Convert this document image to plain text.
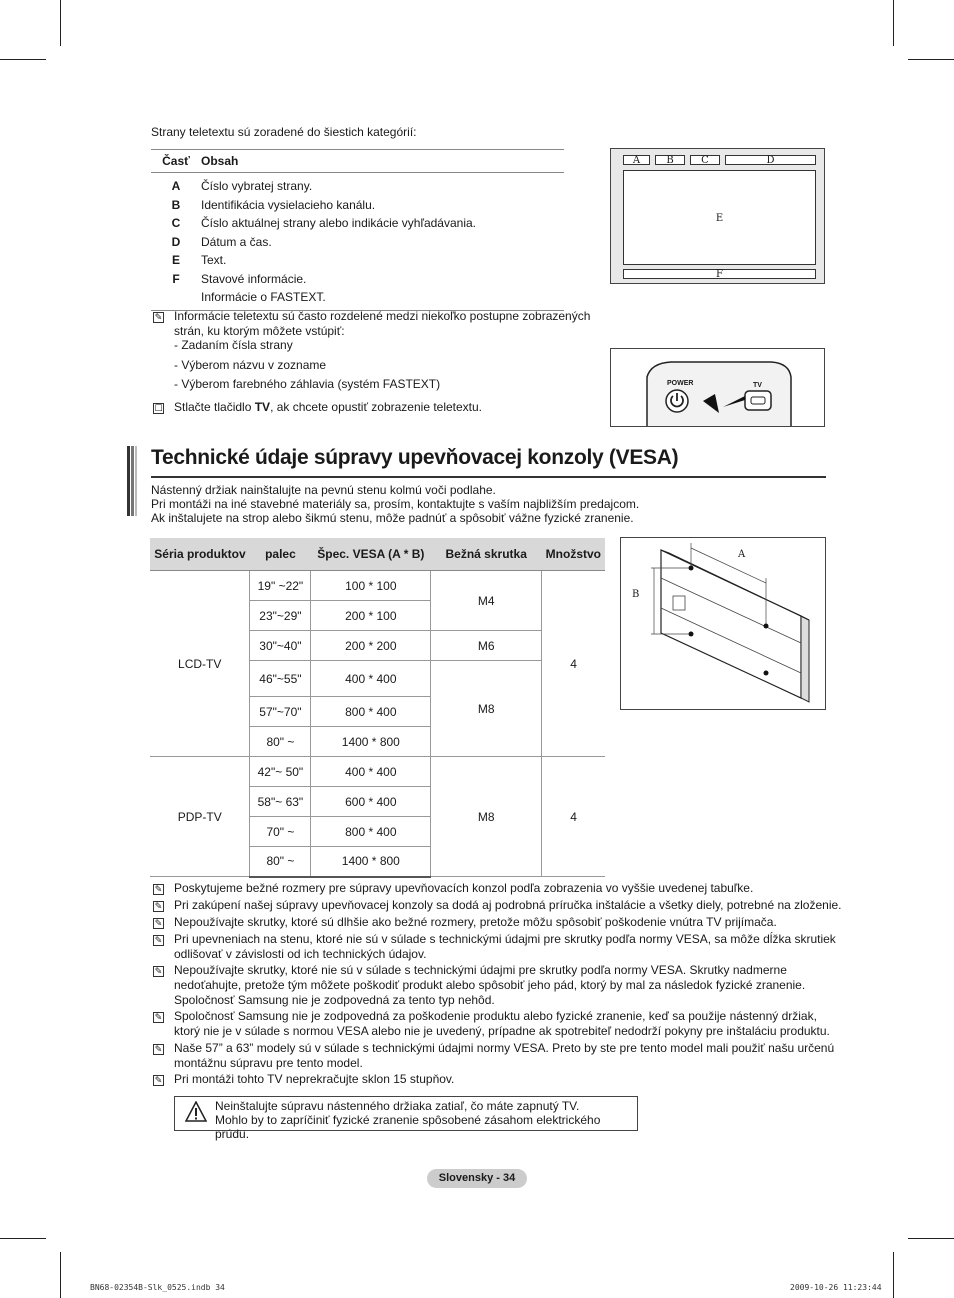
Strany teletextu sú zoradené do šiestich kategórií:
Časť	Obsah
A	Číslo vybratej strany.
B	Identifikácia vysielacieho kanálu.
C	Číslo aktuálnej strany alebo indikácie vyhľadávania.
D	Dátum a čas.
E	Text.
F	Stavové informácie.
	Informácie o FASTEXT.
A	B	C	D
E
F
✎ Informácie teletextu sú často rozdelené medzi niekoľko postupne zobrazených strán, ku ktorým môžete vstúpiť:
- Zadaním čísla strany
- Výberom názvu v zozname
- Výberom farebného záhlavia (systém FASTEXT)
☐ Stlačte tlačidlo TV, ak chcete opustiť zobrazenie teletextu.
POWER	TV
Technické údaje súpravy upevňovacej konzoly (VESA)
Nástenný držiak nainštalujte na pevnú stenu kolmú voči podlahe.
Pri montáži na iné stavebné materiály sa, prosím, kontaktujte s vaším najbližším predajcom.
Ak inštalujete na strop alebo šikmú stenu, môže padnúť a spôsobiť vážne fyzické zranenie.
Séria produktov	palec	Špec. VESA (A * B)	Bežná skrutka	Množstvo
LCD-TV	19" ~22"	100 * 100	M4	4
	23"~29"	200 * 100		
	30"~40"	200 * 200	M6	
	46"~55"	400 * 400	M8	
	57"~70"	800 * 400		
	80" ~	1400 * 800		
PDP-TV	42"~ 50"	400 * 400	M8	4
	58"~ 63"	600 * 400		
	70" ~	800 * 400		
	80" ~	1400 * 800		
A
B
✎ Poskytujeme bežné rozmery pre súpravy upevňovacích konzol podľa zobrazenia vo vyššie uvedenej tabuľke.
✎ Pri zakúpení našej súpravy upevňovacej konzoly sa dodá aj podrobná príručka inštalácie a všetky diely, potrebné na zloženie.
✎ Nepoužívajte skrutky, ktoré sú dlhšie ako bežné rozmery, pretože môžu spôsobiť poškodenie vnútra TV prijímača.
✎ Pri upevneniach na stenu, ktoré nie sú v súlade s technickými údajmi pre skrutky podľa normy VESA, sa môže dĺžka skrutiek
odlišovať v závislosti od ich technických údajov.
✎ Nepoužívajte skrutky, ktoré nie sú v súlade s technickými údajmi pre skrutky podľa normy VESA. Skrutky nadmerne
nedoťahujte, pretože tým môžete poškodiť produkt alebo spôsobiť jeho pád, ktorý by mal za následok fyzické zranenie.
Spoločnosť Samsung nie je zodpovedná za tento typ nehôd.
✎ Spoločnosť Samsung nie je zodpovedná za poškodenie produktu alebo fyzické zranenie, keď sa použije nástenný držiak,
ktorý nie je v súlade s normou VESA alebo nie je uvedený, prípadne ak spotrebiteľ nedodrží pokyny pre inštaláciu produktu.
✎ Naše 57” a 63” modely sú v súlade s technickými údajmi normy VESA. Preto by ste pre tento model mali použiť našu určenú
montážnu súpravu pre tento model.
✎ Pri montáži tohto TV neprekračujte sklon 15 stupňov.
Neinštalujte súpravu nástenného držiaka zatiaľ, čo máte zapnutý TV.
Mohlo by to zapríčiniť fyzické zranenie spôsobené zásahom elektrického prúdu.
Slovensky - 34
BN68-02354B-Slk_0525.indb 34	2009-10-26 11:23:44
